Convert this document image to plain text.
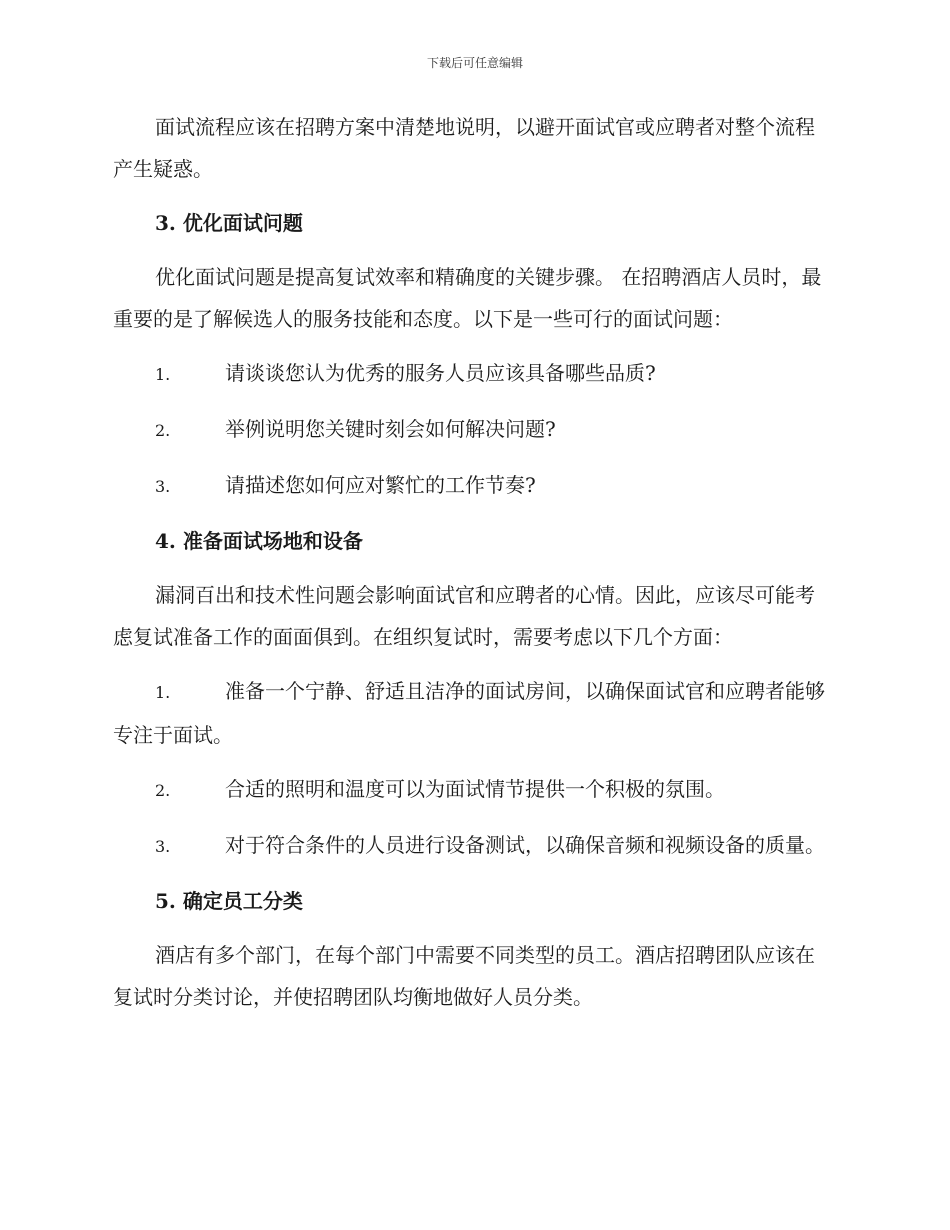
下载后可任意编辑

面试流程应该在招聘方案中清楚地说明，以避开面试官或应聘者对整个流程产生疑惑。

3. 优化面试问题

优化面试问题是提高复试效率和精确度的关键步骤。 在招聘酒店人员时，最重要的是了解候选人的服务技能和态度。以下是一些可行的面试问题：

1.	请谈谈您认为优秀的服务人员应该具备哪些品质?
2.	举例说明您关键时刻会如何解决问题?
3.	请描述您如何应对繁忙的工作节奏?
4. 准备面试场地和设备

漏洞百出和技术性问题会影响面试官和应聘者的心情。因此，应该尽可能考虑复试准备工作的面面俱到。在组织复试时，需要考虑以下几个方面：

1.	准备一个宁静、舒适且洁净的面试房间，以确保面试官和应聘者能够专注于面试。
2.	合适的照明和温度可以为面试情节提供一个积极的氛围。
3.	对于符合条件的人员进行设备测试，以确保音频和视频设备的质量。
5. 确定员工分类

酒店有多个部门，在每个部门中需要不同类型的员工。酒店招聘团队应该在复试时分类讨论，并使招聘团队均衡地做好人员分类。
